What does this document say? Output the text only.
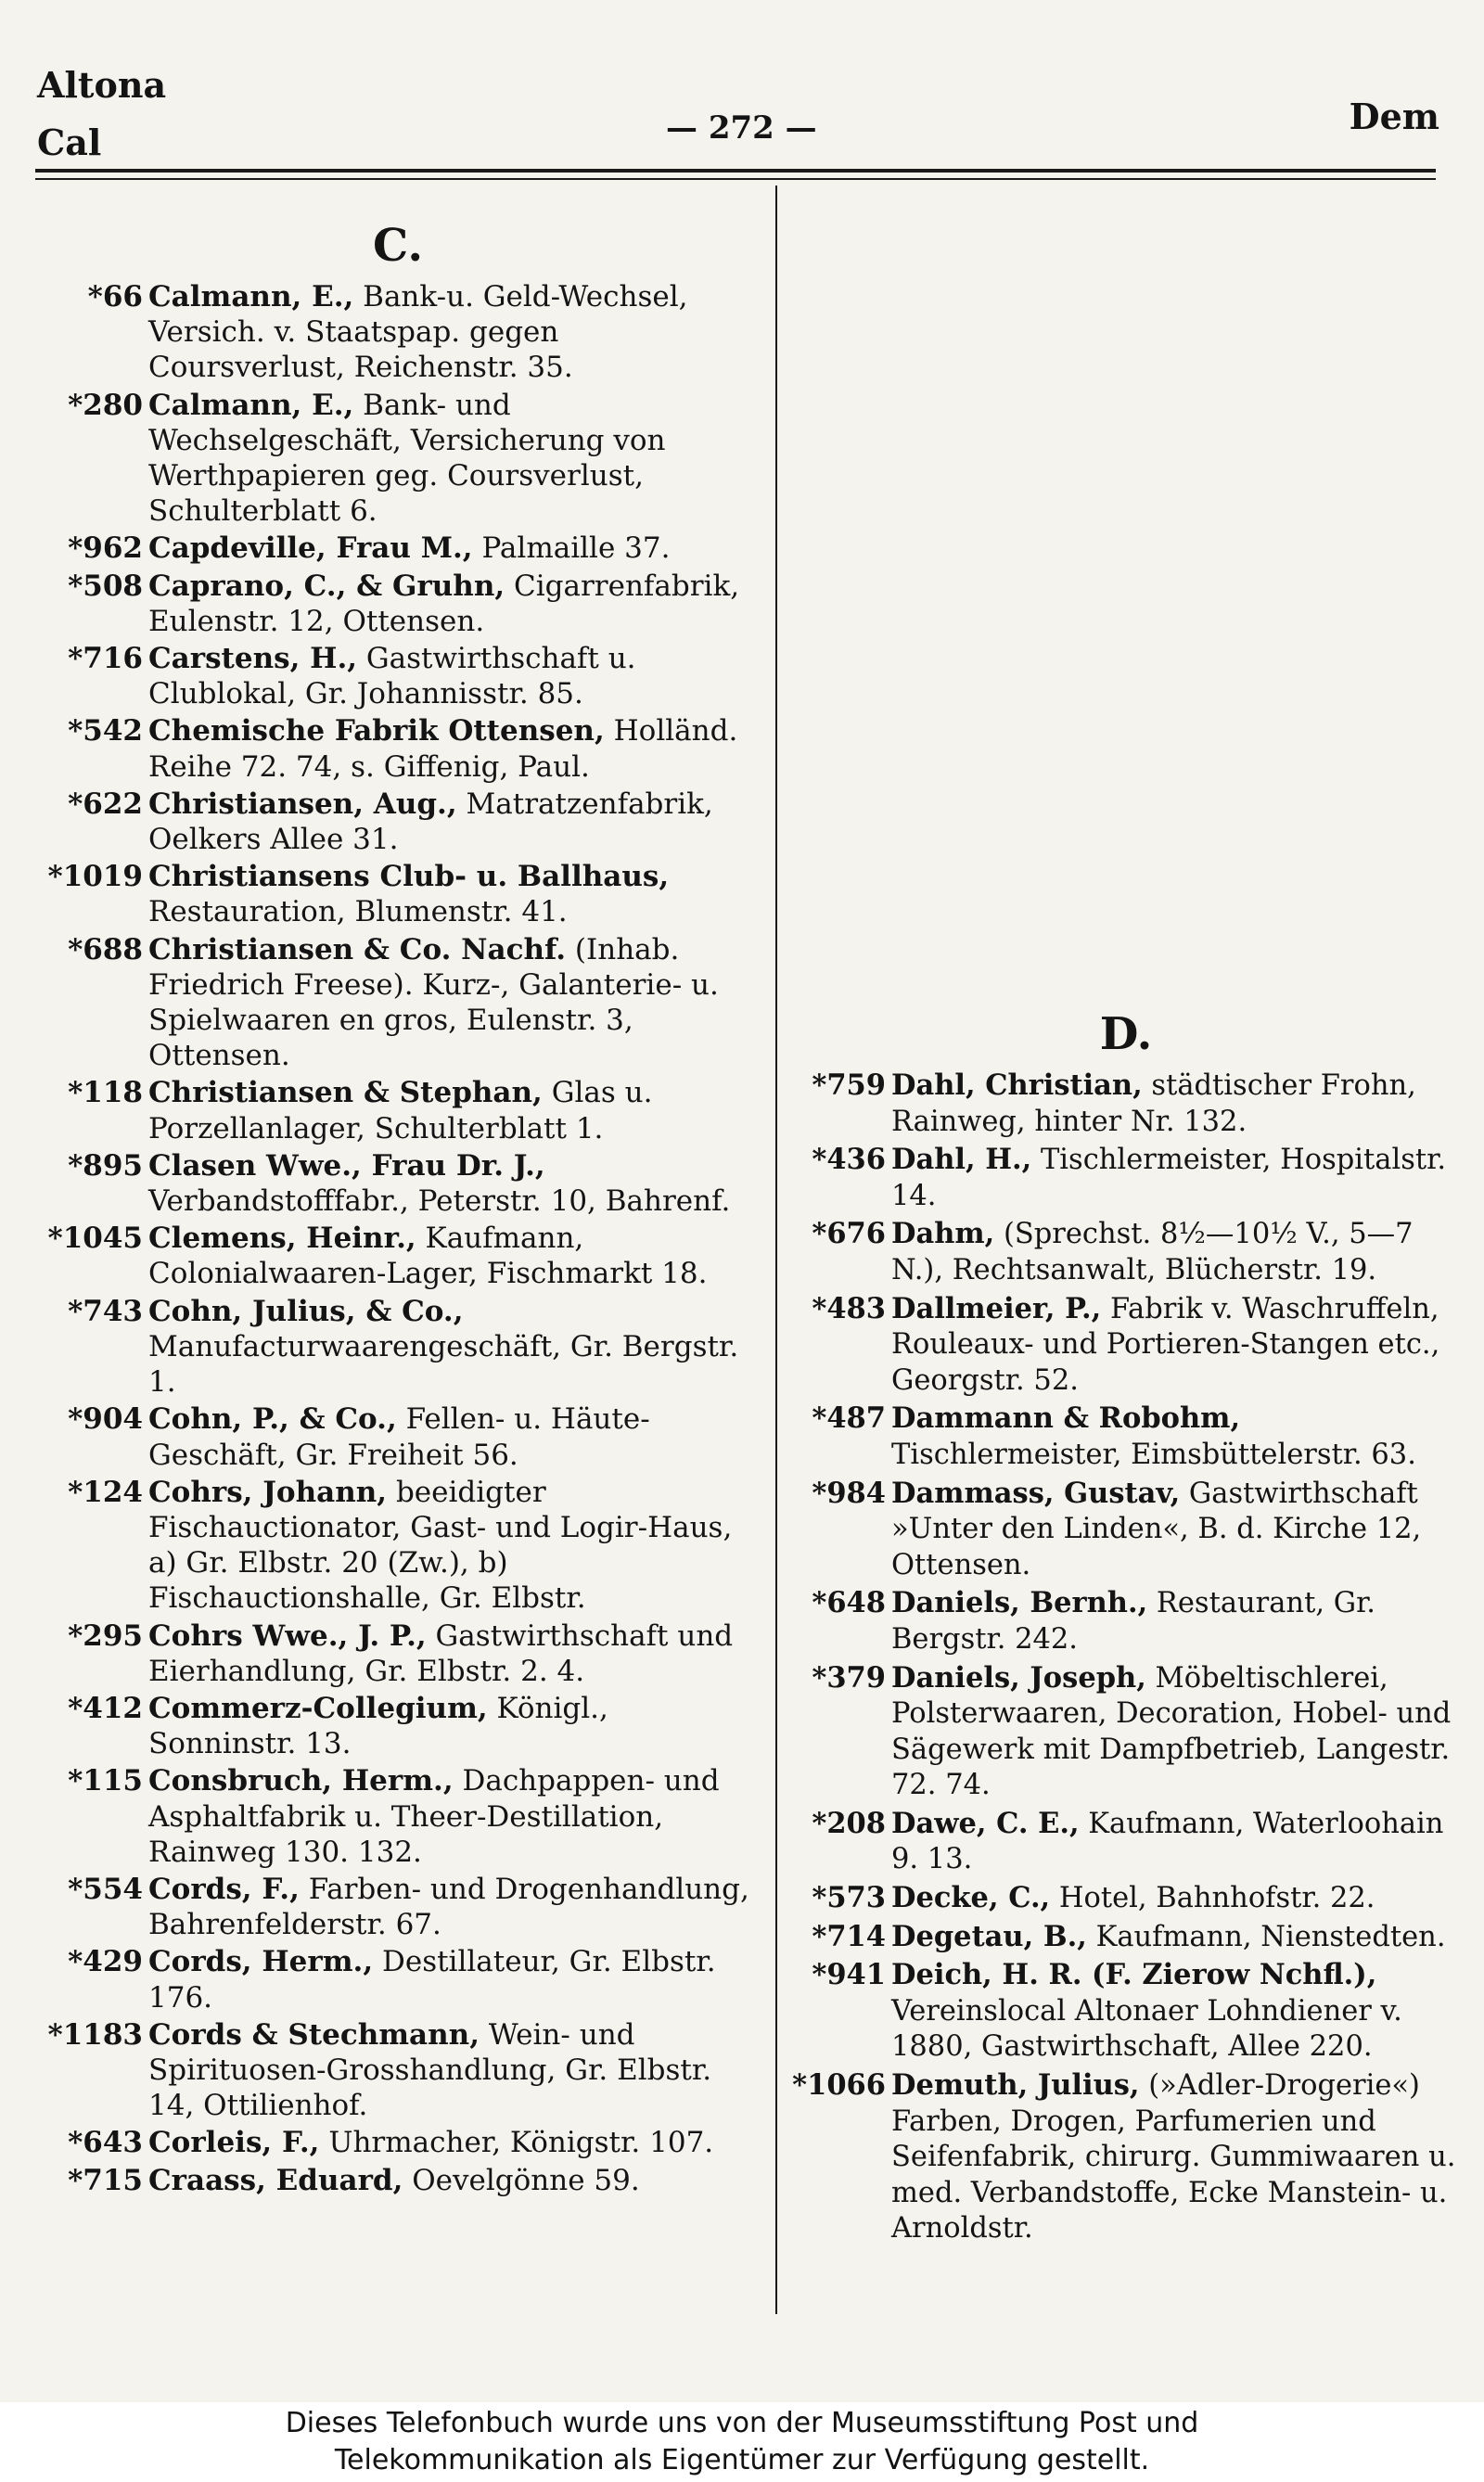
Altona
Cal	— 272 —	Dem
C.
*66 Calmann, E., Bank-u. Geld-Wechsel, Versich. v. Staatspap. gegen Coursverlust, Reichenstr. 35.
*280 Calmann, E., Bank- und Wechselgeschäft, Versicherung von Werthpapieren geg. Coursverlust, Schulterblatt 6.
*962 Capdeville, Frau M., Palmaille 37.
*508 Caprano, C., & Gruhn, Cigarrenfabrik, Eulenstr. 12, Ottensen.
*716 Carstens, H., Gastwirthschaft u. Clublokal, Gr. Johannisstr. 85.
*542 Chemische Fabrik Ottensen, Holländ. Reihe 72. 74, s. Giffenig, Paul.
*622 Christiansen, Aug., Matratzenfabrik, Oelkers Allee 31.
*1019 Christiansens Club- u. Ballhaus, Restauration, Blumenstr. 41.
*688 Christiansen & Co. Nachf. (Inhab. Friedrich Freese). Kurz-, Galanterie- u. Spielwaaren en gros, Eulenstr. 3, Ottensen.
*118 Christiansen & Stephan, Glas u. Porzellanlager, Schulterblatt 1.
*895 Clasen Wwe., Frau Dr. J., Verbandstofffabr., Peterstr. 10, Bahrenf.
*1045 Clemens, Heinr., Kaufmann, Colonialwaaren-Lager, Fischmarkt 18.
*743 Cohn, Julius, & Co., Manufacturwaarengeschäft, Gr. Bergstr. 1.
*904 Cohn, P., & Co., Fellen- u. Häute-Geschäft, Gr. Freiheit 56.
*124 Cohrs, Johann, beeidigter Fischauctionator, Gast- und Logir-Haus, a) Gr. Elbstr. 20 (Zw.), b) Fischauctionshalle, Gr. Elbstr.
*295 Cohrs Wwe., J. P., Gastwirthschaft und Eierhandlung, Gr. Elbstr. 2. 4.
*412 Commerz-Collegium, Königl., Sonninstr. 13.
*115 Consbruch, Herm., Dachpappen- und Asphaltfabrik u. Theer-Destillation, Rainweg 130. 132.
*554 Cords, F., Farben- und Drogenhandlung, Bahrenfelderstr. 67.
*429 Cords, Herm., Destillateur, Gr. Elbstr. 176.
*1183 Cords & Stechmann, Wein- und Spirituosen-Grosshandlung, Gr. Elbstr. 14, Ottilienhof.
*643 Corleis, F., Uhrmacher, Königstr. 107.
*715 Craass, Eduard, Oevelgönne 59.
D.
*759 Dahl, Christian, städtischer Frohn, Rainweg, hinter Nr. 132.
*436 Dahl, H., Tischlermeister, Hospitalstr. 14.
*676 Dahm, (Sprechst. 8½—10½ V., 5—7 N.), Rechtsanwalt, Blücherstr. 19.
*483 Dallmeier, P., Fabrik v. Waschruffeln, Rouleaux- und Portieren-Stangen etc., Georgstr. 52.
*487 Dammann & Robohm, Tischlermeister, Eimsbüttelerstr. 63.
*984 Dammass, Gustav, Gastwirthschaft »Unter den Linden«, B. d. Kirche 12, Ottensen.
*648 Daniels, Bernh., Restaurant, Gr. Bergstr. 242.
*379 Daniels, Joseph, Möbeltischlerei, Polsterwaaren, Decoration, Hobel- und Sägewerk mit Dampfbetrieb, Langestr. 72. 74.
*208 Dawe, C. E., Kaufmann, Waterloohain 9. 13.
*573 Decke, C., Hotel, Bahnhofstr. 22.
*714 Degetau, B., Kaufmann, Nienstedten.
*941 Deich, H. R. (F. Zierow Nchfl.), Vereinslocal Altonaer Lohndiener v. 1880, Gastwirthschaft, Allee 220.
*1066 Demuth, Julius, (»Adler-Drogerie«) Farben, Drogen, Parfumerien und Seifenfabrik, chirurg. Gummiwaaren u. med. Verbandstoffe, Ecke Manstein- u. Arnoldstr.
Dieses Telefonbuch wurde uns von der Museumsstiftung Post und
Telekommunikation als Eigentümer zur Verfügung gestellt.
